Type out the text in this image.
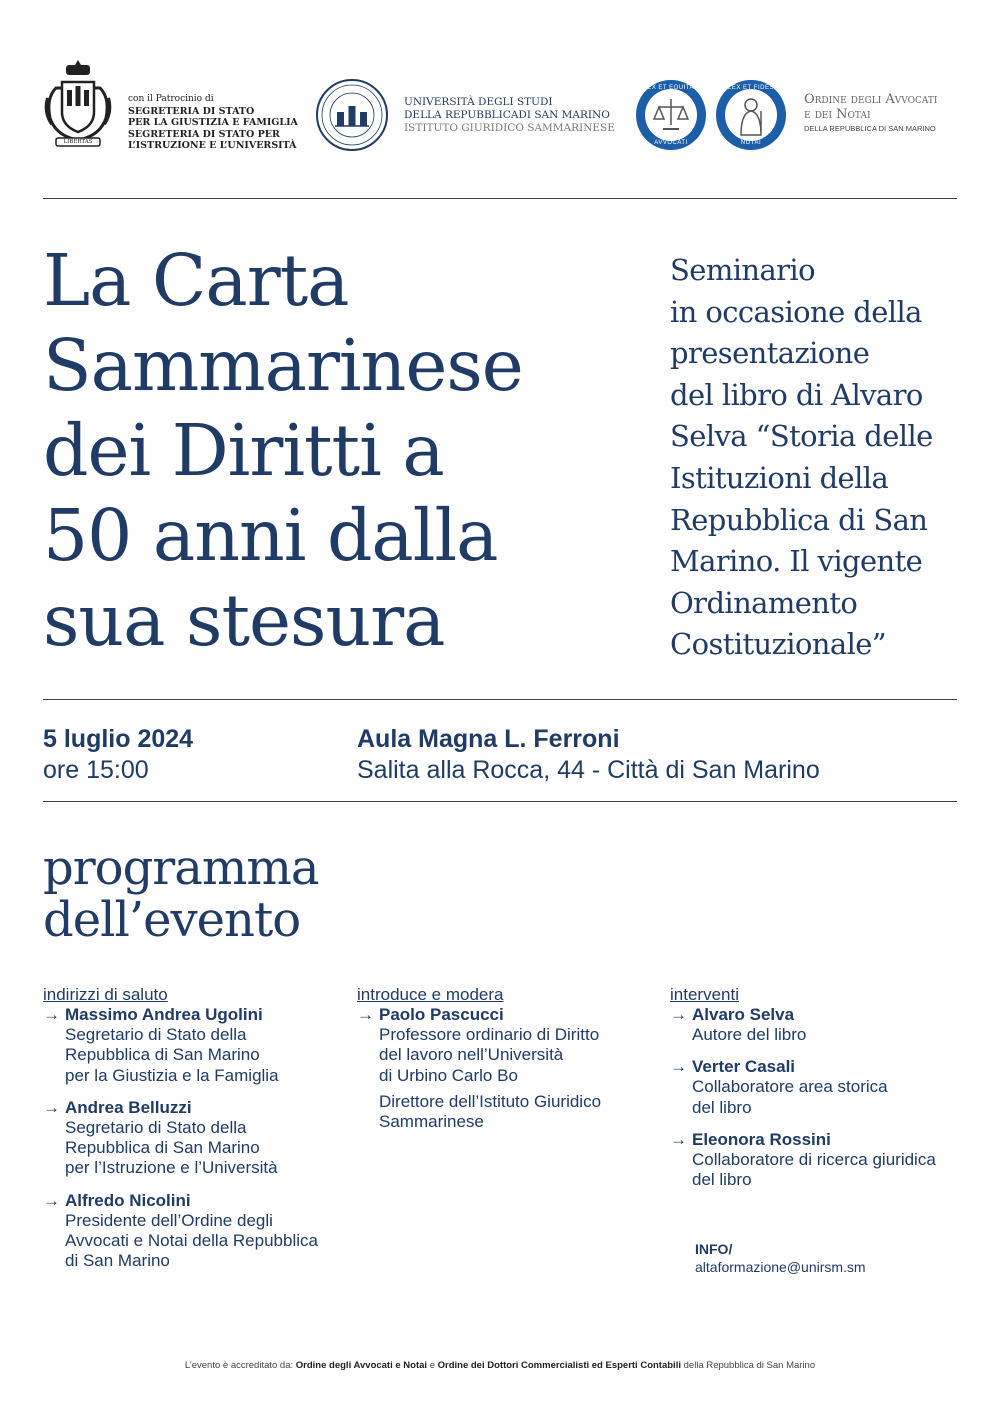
LIBERTAS
con il Patrocinio di
SEGRETERIA DI STATO
PER LA GIUSTIZIA E FAMIGLIA
SEGRETERIA DI STATO PER
L’ISTRUZIONE E L’UNIVERSITÀ
UNIVERSITÀ DEGLI STUDI
DELLA REPUBBLICADI SAN MARINO
ISTITUTO GIURIDICO SAMMARINESE
LEX ET EQUITAS
AVVOCATI
LEX ET FIDES
NOTAI
Ordine degli Avvocati
e dei Notai
DELLA REPUBBLICA DI SAN MARINO
La Carta
Sammarinese
dei Diritti a
50 anni dalla
sua stesura
Seminario
in occasione della
presentazione
del libro di Alvaro
Selva “Storia delle
Istituzioni della
Repubblica di San
Marino. Il vigente
Ordinamento
Costituzionale”
5 luglio 2024
ore 15:00
Aula Magna L. Ferroni
Salita alla Rocca, 44 - Città di San Marino
programma
dell’evento
indirizzi di saluto
→ Massimo Andrea Ugolini
Segretario di Stato della
Repubblica di San Marino
per la Giustizia e la Famiglia
→ Andrea Belluzzi
Segretario di Stato della
Repubblica di San Marino
per l’Istruzione e l’Università
→ Alfredo Nicolini
Presidente dell’Ordine degli
Avvocati e Notai della Repubblica
di San Marino
introduce e modera
→ Paolo Pascucci
Professore ordinario di Diritto
del lavoro nell’Università
di Urbino Carlo Bo
Direttore dell’Istituto Giuridico
Sammarinese
interventi
→ Alvaro Selva
Autore del libro
→ Verter Casali
Collaboratore area storica
del libro
→ Eleonora Rossini
Collaboratore di ricerca giuridica
del libro
INFO/
altaformazione@unirsm.sm
L’evento è accreditato da: Ordine degli Avvocati e Notai e Ordine dei Dottori Commercialisti ed Esperti Contabili della Repubblica di San Marino
